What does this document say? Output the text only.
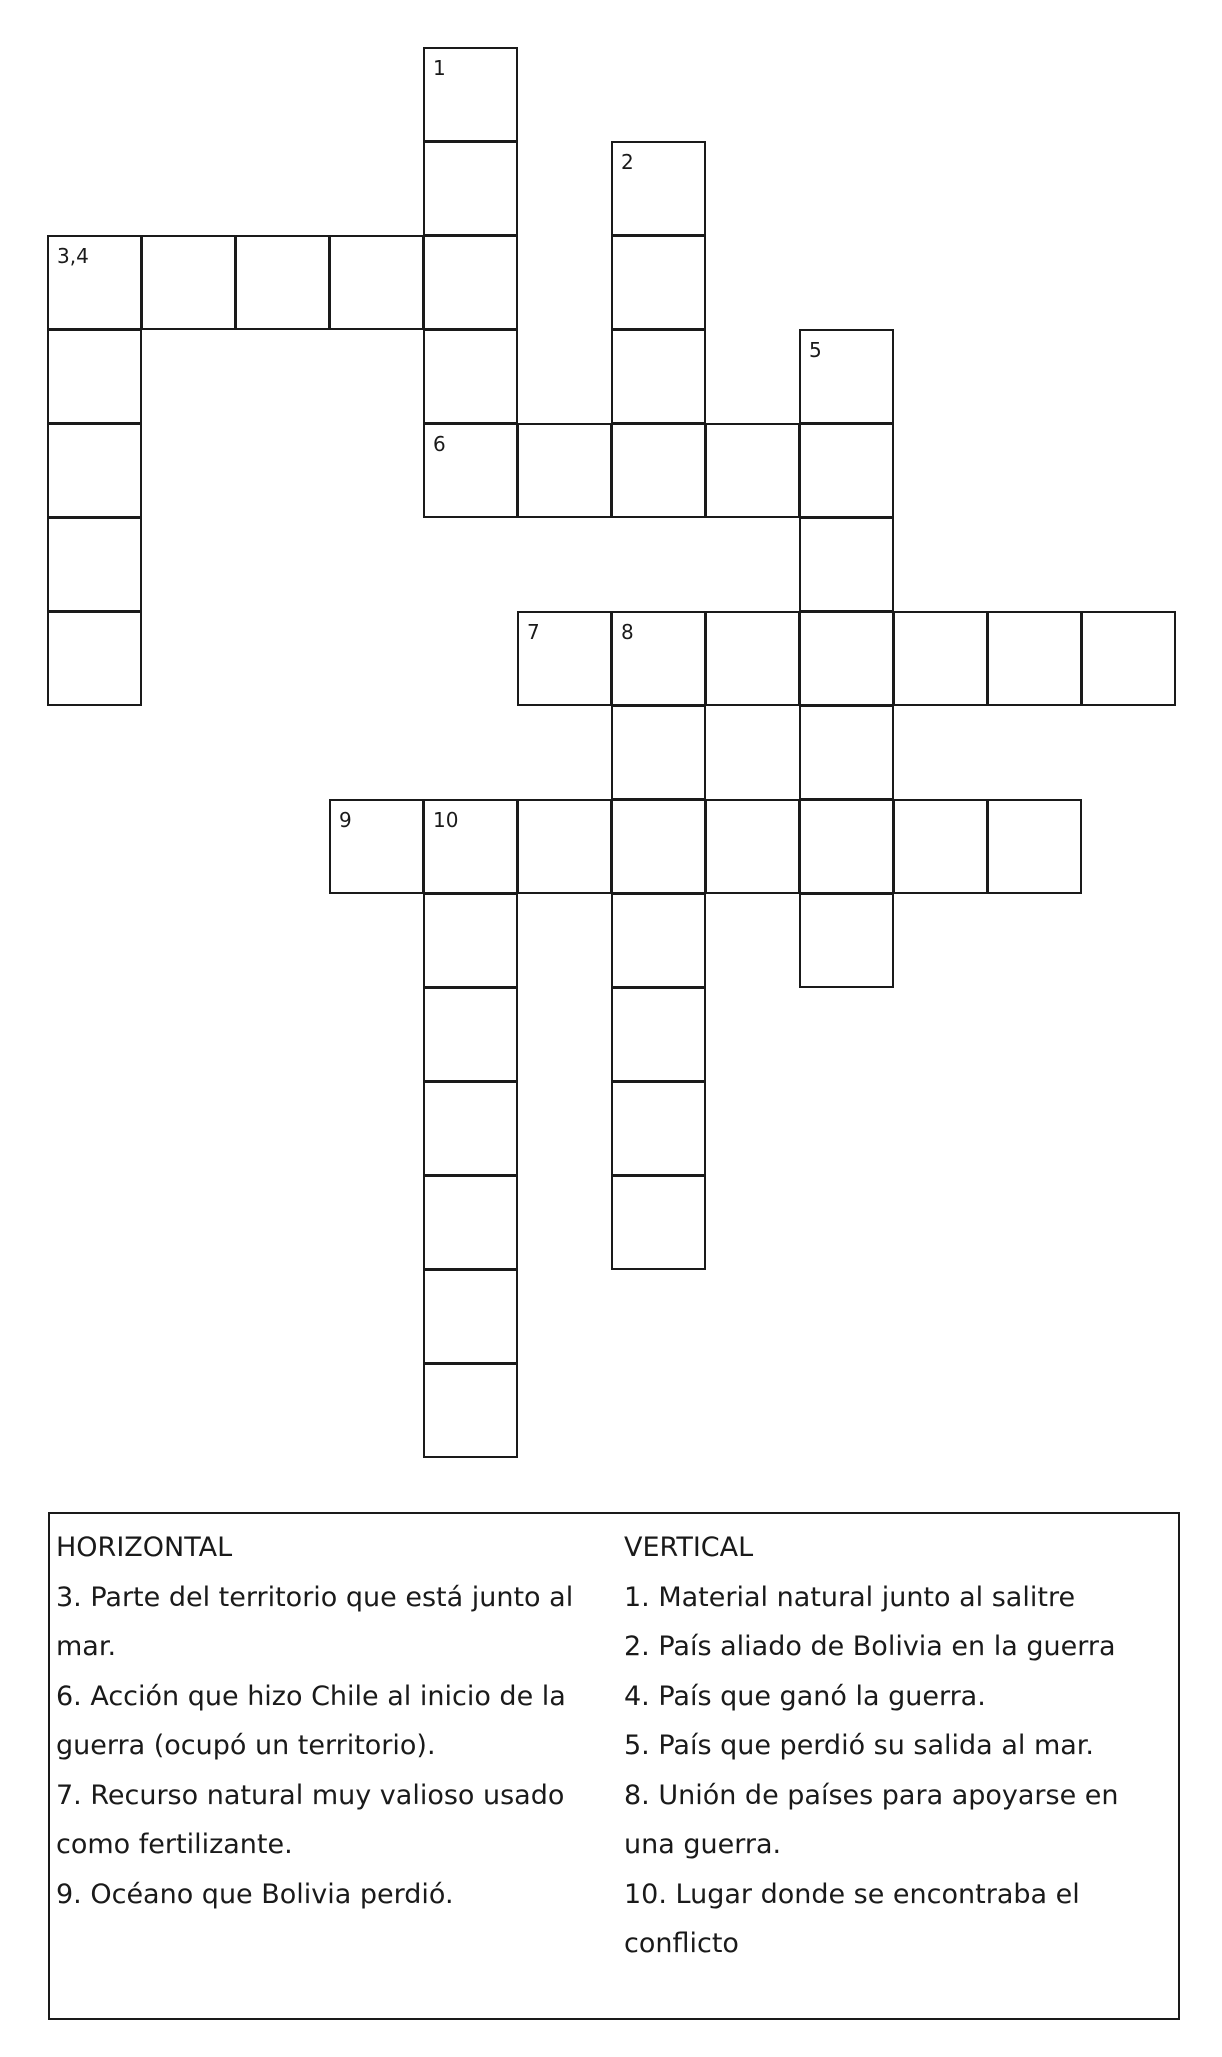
1
2
3,4
5
6
7	8
9	10
HORIZONTAL
3. Parte del territorio que está junto al mar.
6. Acción que hizo Chile al inicio de la guerra (ocupó un territorio).
7. Recurso natural muy valioso usado como fertilizante.
9. Océano que Bolivia perdió.
VERTICAL
1. Material natural junto al salitre
2. País aliado de Bolivia en la guerra
4. País que ganó la guerra.
5. País que perdió su salida al mar.
8. Unión de países para apoyarse en una guerra.
10. Lugar donde se encontraba el conflicto
